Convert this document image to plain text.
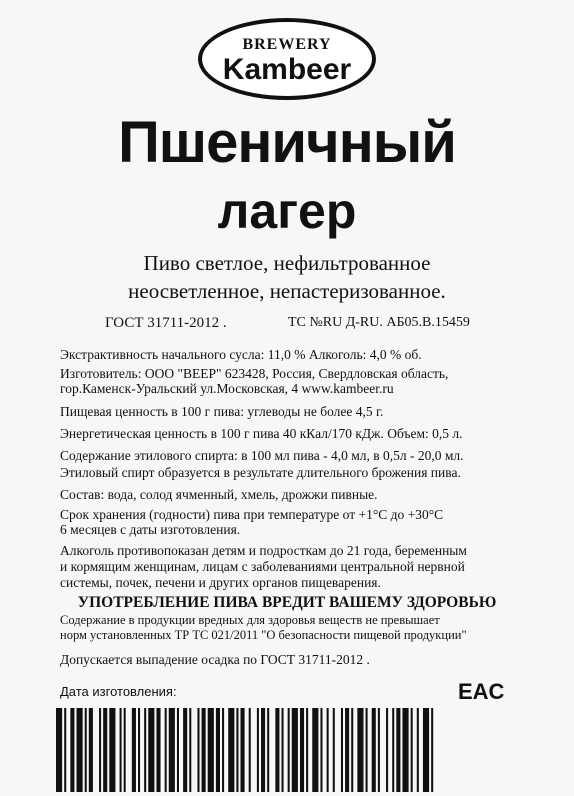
BREWERY
Kambeer
Пшеничный
лагер
Пиво светлое, нефильтрованное
неосветленное, непастеризованное.
ГОСТ 31711-2012 .	ТС №RU Д-RU. АБ05.В.15459
Экстрактивность начального сусла: 11,0 % Алкоголь: 4,0 % об.
Изготовитель: ООО "ВЕЕР" 623428, Россия, Свердловская область,
гор.Каменск-Уральский ул.Московская, 4 www.kambeer.ru
Пищевая ценность в 100 г пива: углеводы не более 4,5 г.
Энергетическая ценность в 100 г пива 40 кКал/170 кДж. Объем: 0,5 л.
Содержание этилового спирта: в 100 мл пива - 4,0 мл, в 0,5л - 20,0 мл.
Этиловый спирт образуется в результате длительного брожения пива.
Состав: вода, солод ячменный, хмель, дрожжи пивные.
Срок хранения (годности) пива при температуре от +1°С до +30°С
6 месяцев с даты изготовления.
Алкоголь противопоказан детям и подросткам до 21 года, беременным
и кормящим женщинам, лицам с заболеваниями центральной нервной
системы, почек, печени и других органов пищеварения.
УПОТРЕБЛЕНИЕ ПИВА ВРЕДИТ ВАШЕМУ ЗДОРОВЬЮ
Содержание в продукции вредных для здоровья веществ не превышает
норм установленных ТР ТС 021/2011 "О безопасности пищевой продукции"
Допускается выпадение осадка по ГОСТ 31711-2012 .
Дата изготовления:	EAC
